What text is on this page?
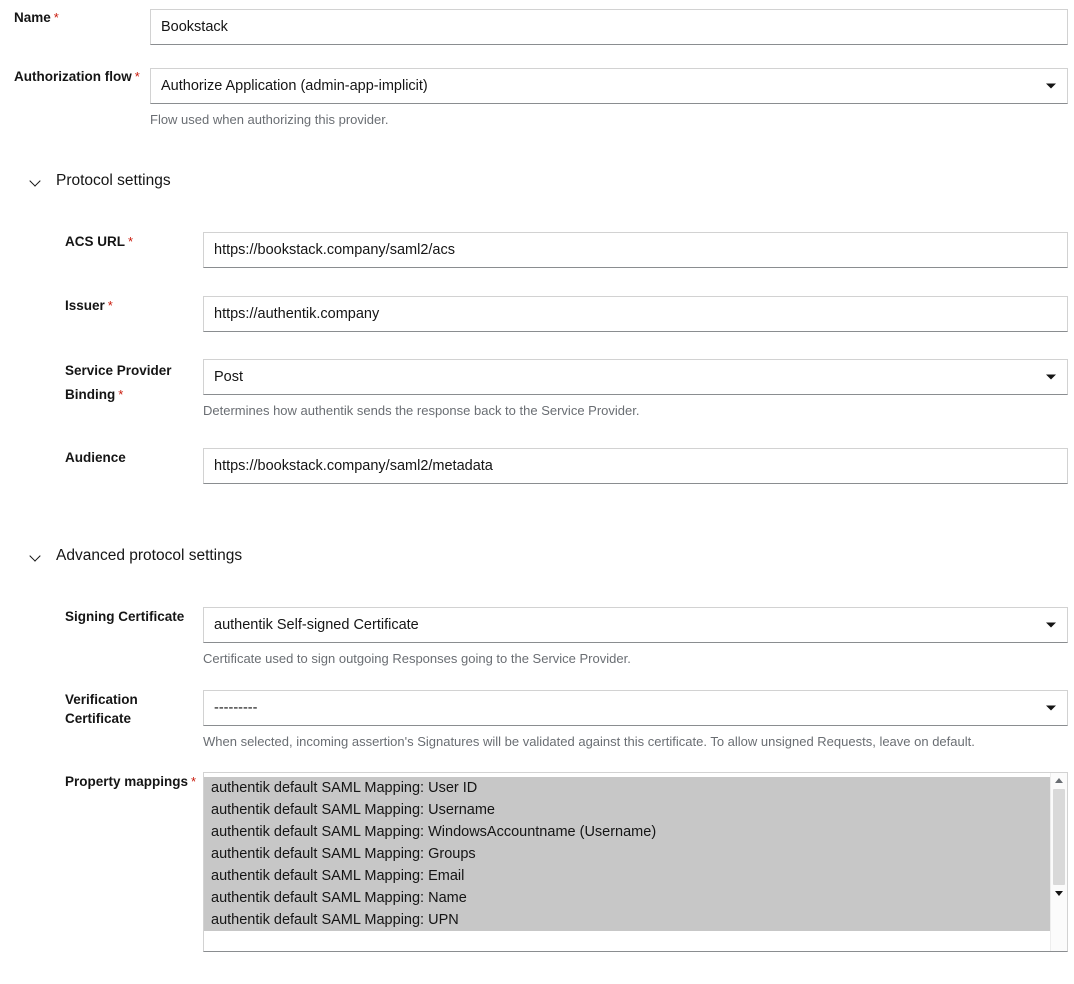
Name *
Bookstack
Authorization flow *
Authorize Application (admin-app-implicit)
Flow used when authorizing this provider.
Protocol settings
ACS URL *
https://bookstack.company/saml2/acs
Issuer *
https://authentik.company
Service Provider Binding *
Post
Determines how authentik sends the response back to the Service Provider.
Audience
https://bookstack.company/saml2/metadata
Advanced protocol settings
Signing Certificate
authentik Self-signed Certificate
Certificate used to sign outgoing Responses going to the Service Provider.
Verification Certificate
---------
When selected, incoming assertion's Signatures will be validated against this certificate. To allow unsigned Requests, leave on default.
Property mappings *	authentik default SAML Mapping: User ID
authentik default SAML Mapping: Username
authentik default SAML Mapping: WindowsAccountname (Username)
authentik default SAML Mapping: Groups
authentik default SAML Mapping: Email
authentik default SAML Mapping: Name
authentik default SAML Mapping: UPN
